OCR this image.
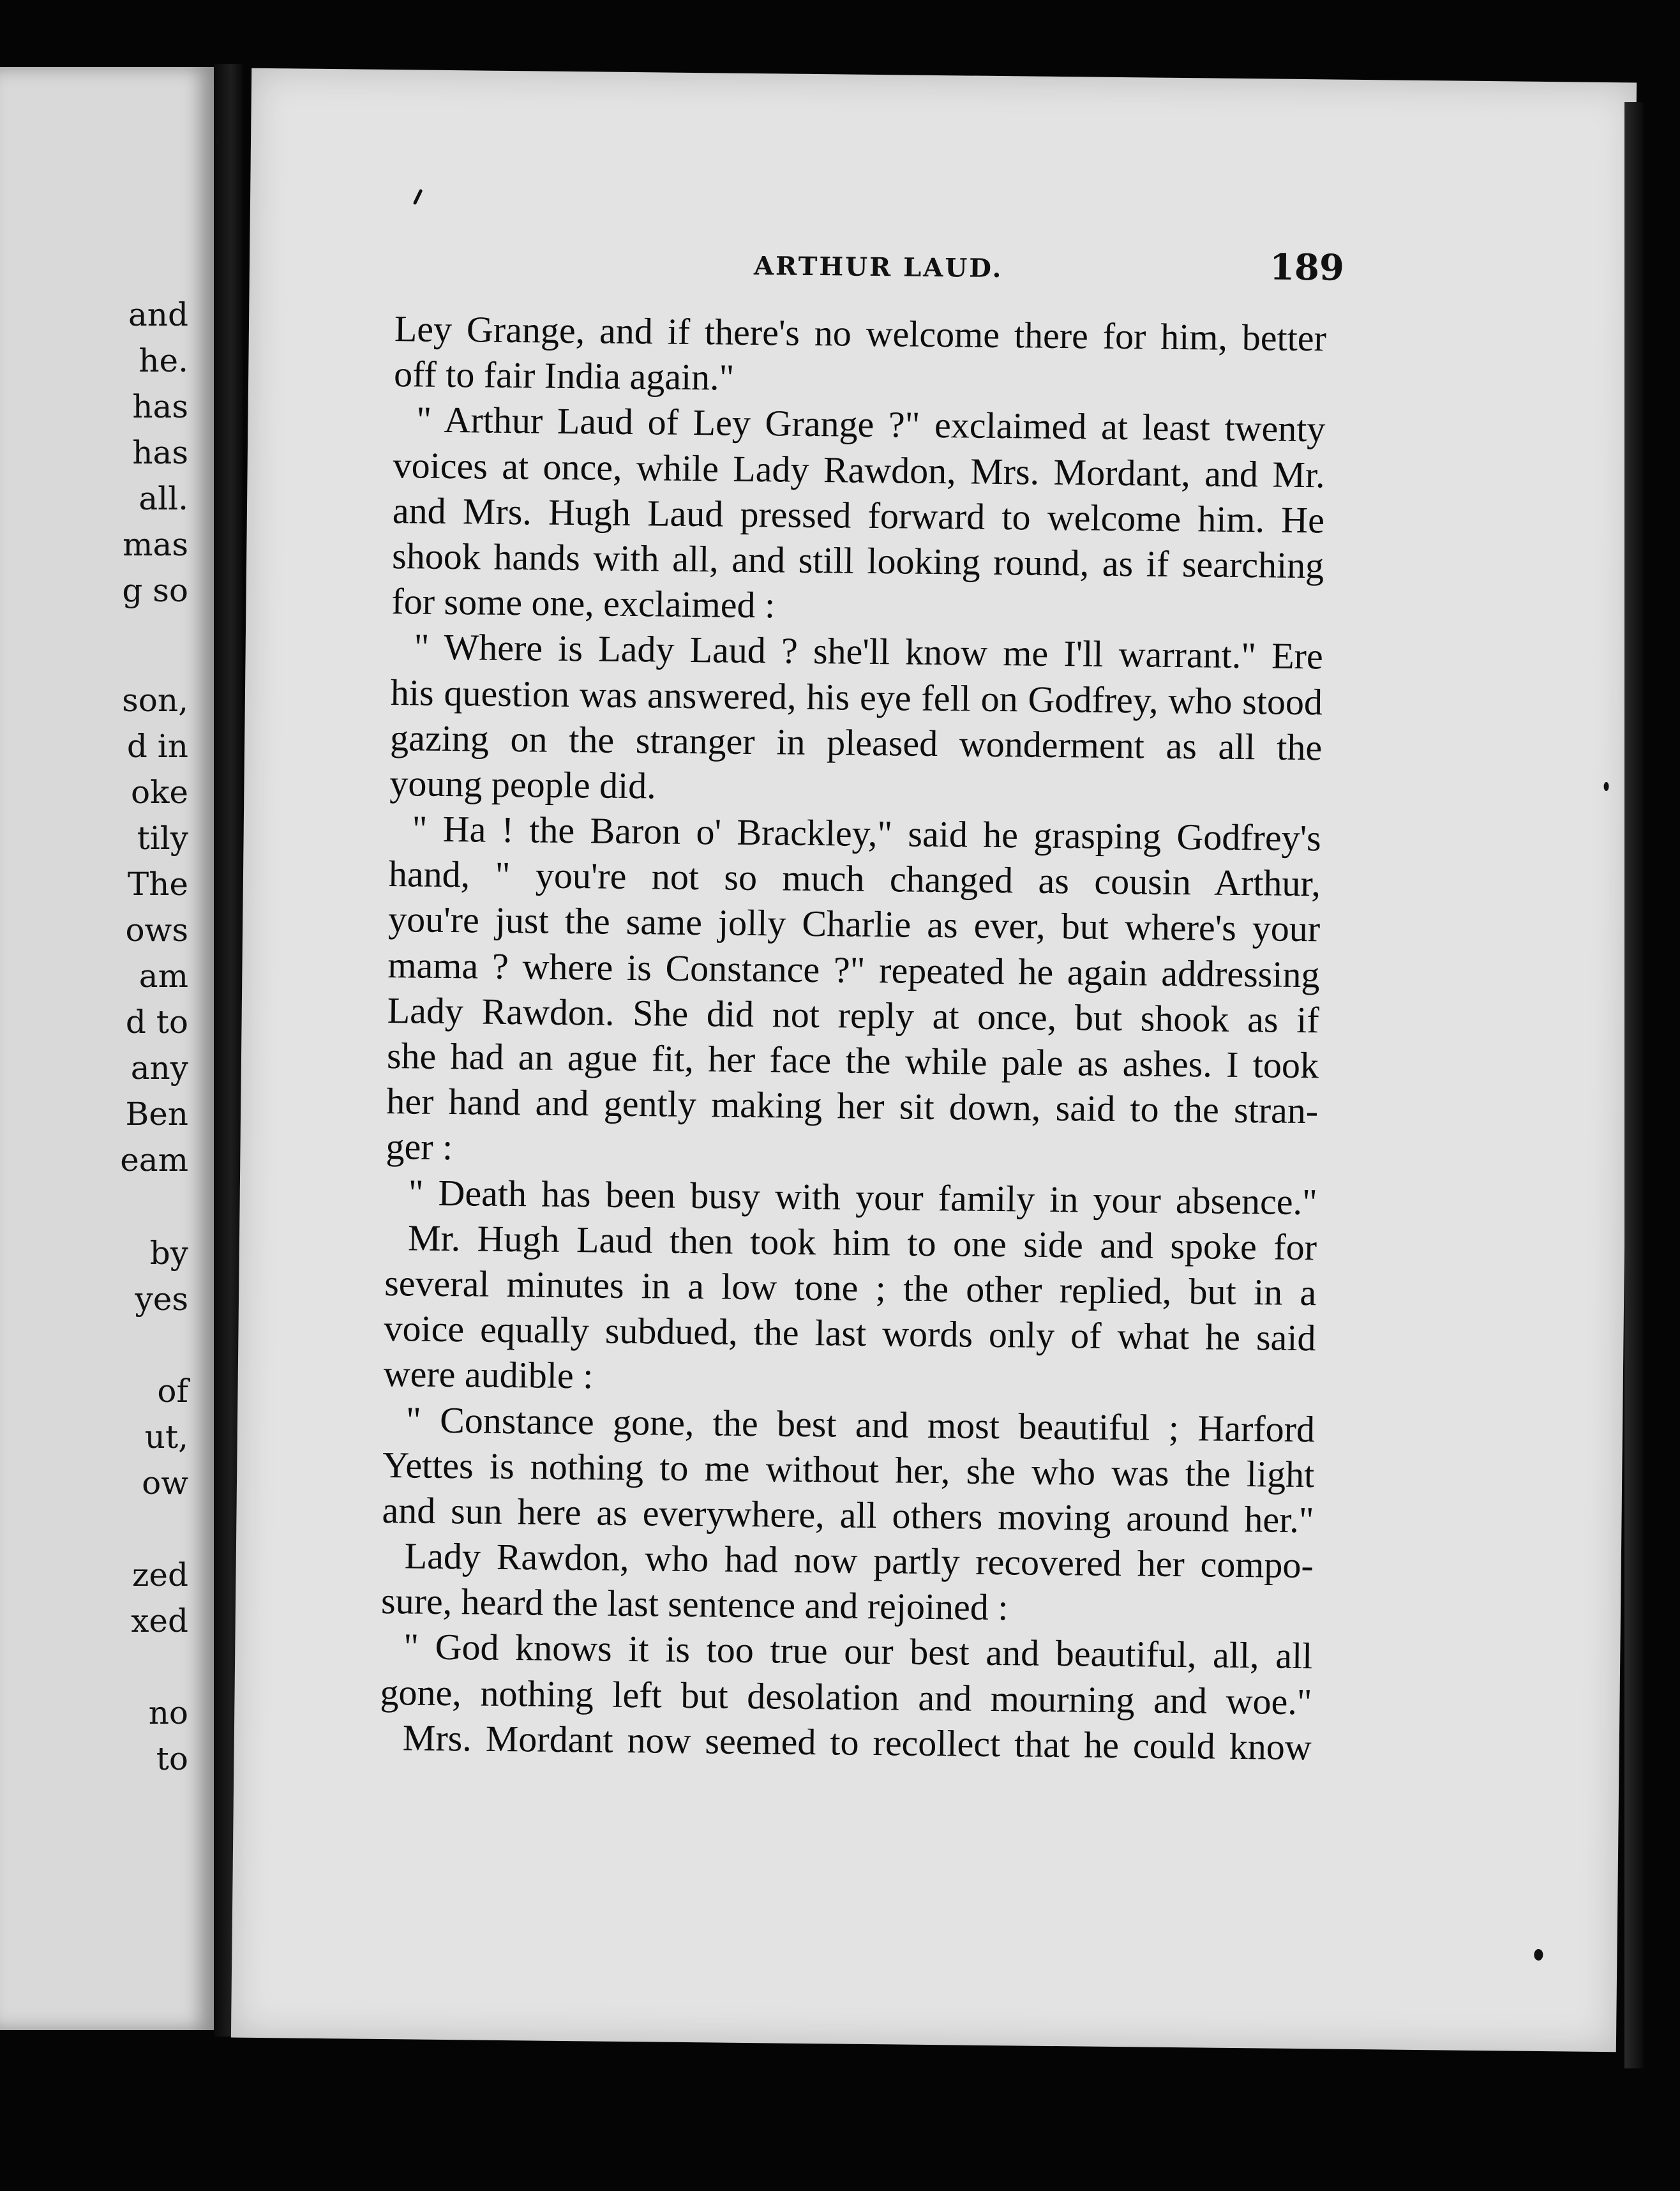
and
he.
has
has
all.
mas
g so
son,
d in
oke
tily
The
ows
am
d to
any
Ben
eam
by
yes
of
ut,
ow
zed
xed
no
to
ARTHUR LAUD.	189
Ley Grange, and if there's no welcome there for him, better
off to fair India again."
" Arthur Laud of Ley Grange ?" exclaimed at least twenty
voices at once, while Lady Rawdon, Mrs. Mordant, and Mr.
and Mrs. Hugh Laud pressed forward to welcome him. He
shook hands with all, and still looking round, as if searching
for some one, exclaimed :
" Where is Lady Laud ? she'll know me I'll warrant." Ere
his question was answered, his eye fell on Godfrey, who stood
gazing on the stranger in pleased wonderment as all the
young people did.
" Ha ! the Baron o' Brackley," said he grasping Godfrey's
hand, " you're not so much changed as cousin Arthur,
you're just the same jolly Charlie as ever, but where's your
mama ? where is Constance ?" repeated he again addressing
Lady Rawdon. She did not reply at once, but shook as if
she had an ague fit, her face the while pale as ashes. I took
her hand and gently making her sit down, said to the stran-
ger :
" Death has been busy with your family in your absence."
Mr. Hugh Laud then took him to one side and spoke for
several minutes in a low tone ; the other replied, but in a
voice equally subdued, the last words only of what he said
were audible :
" Constance gone, the best and most beautiful ; Harford
Yettes is nothing to me without her, she who was the light
and sun here as everywhere, all others moving around her."
Lady Rawdon, who had now partly recovered her compo-
sure, heard the last sentence and rejoined :
" God knows it is too true our best and beautiful, all, all
gone, nothing left but desolation and mourning and woe."
Mrs. Mordant now seemed to recollect that he could know
